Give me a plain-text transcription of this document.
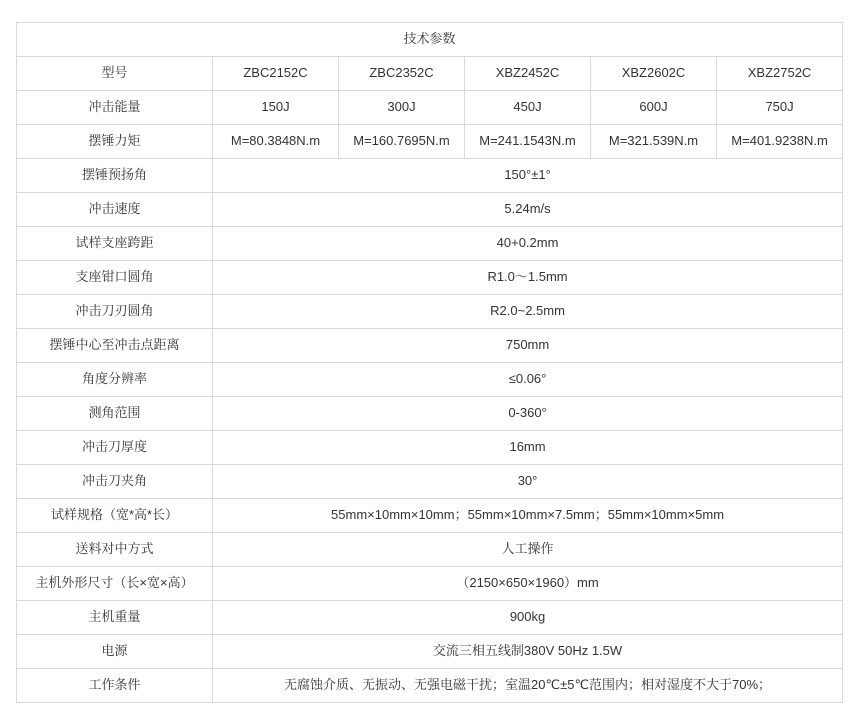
技术参数					
型号	ZBC2152C	ZBC2352C	XBZ2452C	XBZ2602C	XBZ2752C
冲击能量	150J	300J	450J	600J	750J
摆锤力矩	M=80.3848N.m	M=160.7695N.m	M=241.1543N.m	M=321.539N.m	M=401.9238N.m
摆锤预扬角	150°±1°				
冲击速度	5.24m/s				
试样支座跨距	40+0.2mm				
支座钳口圆角	R1.0～1.5mm				
冲击刀刃圆角	R2.0~2.5mm				
摆锤中心至冲击点距离	750mm				
角度分辨率	≤0.06°				
测角范围	0-360°				
冲击刀厚度	16mm				
冲击刀夹角	30°				
试样规格（宽*高*长）	55mm×10mm×10mm；55mm×10mm×7.5mm；55mm×10mm×5mm				
送料对中方式	人工操作				
主机外形尺寸（长×宽×高）	（2150×650×1960）mm				
主机重量	900kg				
电源	交流三相五线制380V 50Hz 1.5W				
工作条件	无腐蚀介质、无振动、无强电磁干扰；室温20℃±5℃范围内；相对湿度不大于70%；				
